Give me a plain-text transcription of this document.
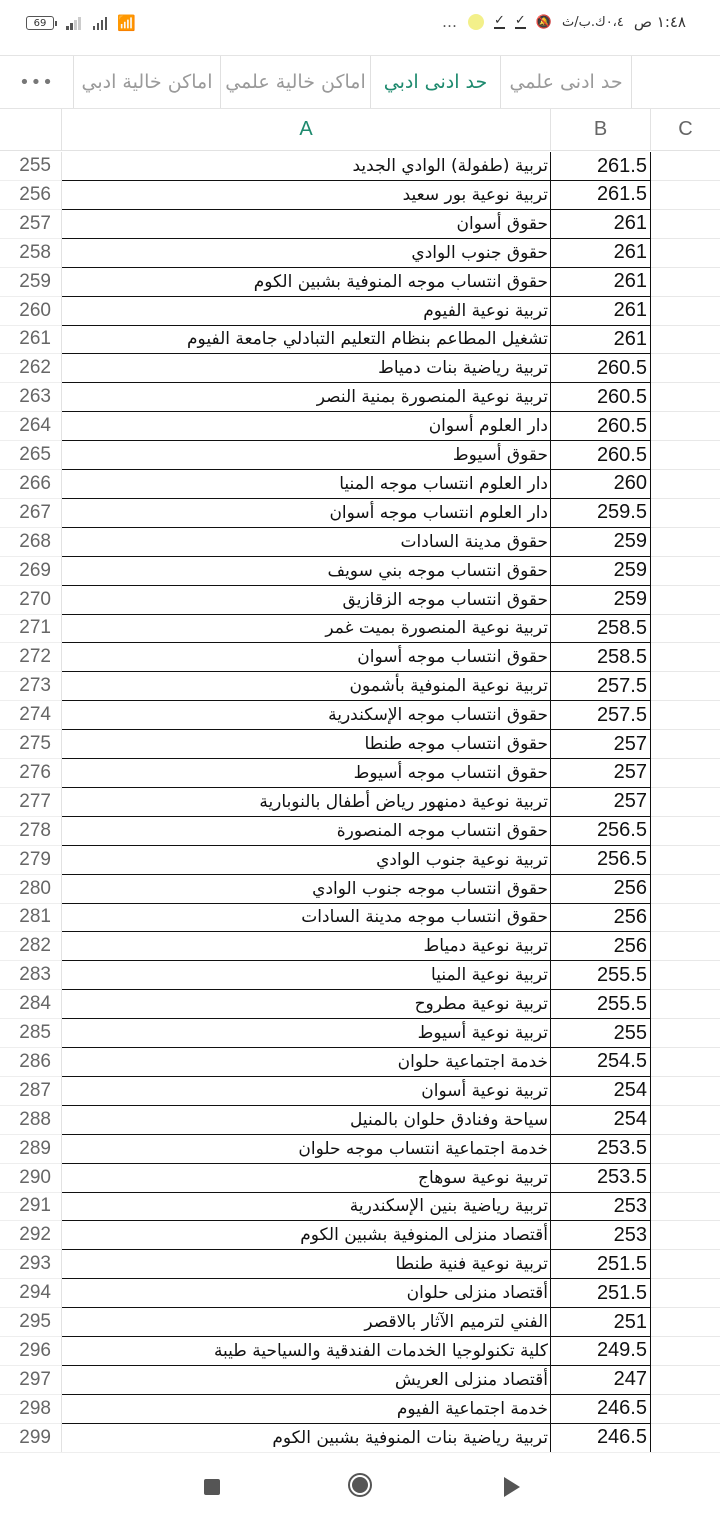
69	📶	١:٤٨ ص
٠،٤ك.ب/ث
🔕
✓
✓
…
•••	اماكن خالية ادبي اماكن خالية علمي حد ادنى ادبي	حد ادنى علمي
A	B	C
255	تربية (طفولة) الوادي الجديد	261.5
256	تربية نوعية بور سعيد	261.5
257	حقوق أسوان	261
258	حقوق جنوب الوادي	261
259	حقوق انتساب موجه المنوفية بشبين الكوم	261
260	تربية نوعية الفيوم	261
261	تشغيل المطاعم بنظام التعليم التبادلي جامعة الفيوم	261
262	تربية رياضية بنات دمياط	260.5
263	تربية نوعية المنصورة بمنية النصر	260.5
264	دار العلوم أسوان	260.5
265	حقوق أسيوط	260.5
266	دار العلوم انتساب موجه المنيا	260
267	دار العلوم انتساب موجه أسوان	259.5
268	حقوق مدينة السادات	259
269	حقوق انتساب موجه بني سويف	259
270	حقوق انتساب موجه الزقازيق	259
271	تربية نوعية المنصورة بميت غمر	258.5
272	حقوق انتساب موجه أسوان	258.5
273	تربية نوعية المنوفية بأشمون	257.5
274	حقوق انتساب موجه الإسكندرية	257.5
275	حقوق انتساب موجه طنطا	257
276	حقوق انتساب موجه أسيوط	257
277	تربية نوعية دمنهور رياض أطفال بالنوبارية	257
278	حقوق انتساب موجه المنصورة	256.5
279	تربية نوعية جنوب الوادي	256.5
280	حقوق انتساب موجه جنوب الوادي	256
281	حقوق انتساب موجه مدينة السادات	256
282	تربية نوعية دمياط	256
283	تربية نوعية المنيا	255.5
284	تربية نوعية مطروح	255.5
285	تربية نوعية أسيوط	255
286	خدمة اجتماعية حلوان	254.5
287	تربية نوعية أسوان	254
288	سياحة وفنادق حلوان بالمنيل	254
289	خدمة اجتماعية انتساب موجه حلوان	253.5
290	تربية نوعية سوهاج	253.5
291	تربية رياضية بنين الإسكندرية	253
292	أقتصاد منزلى المنوفية بشبين الكوم	253
293	تربية نوعية فنية طنطا	251.5
294	أقتصاد منزلى حلوان	251.5
295	الفني لترميم الآثار بالاقصر	251
296	كلية تكنولوجيا الخدمات الفندقية والسياحية طيبة	249.5
297	أقتصاد منزلى العريش	247
298	خدمة اجتماعية الفيوم	246.5
299	تربية رياضية بنات المنوفية بشبين الكوم	246.5
